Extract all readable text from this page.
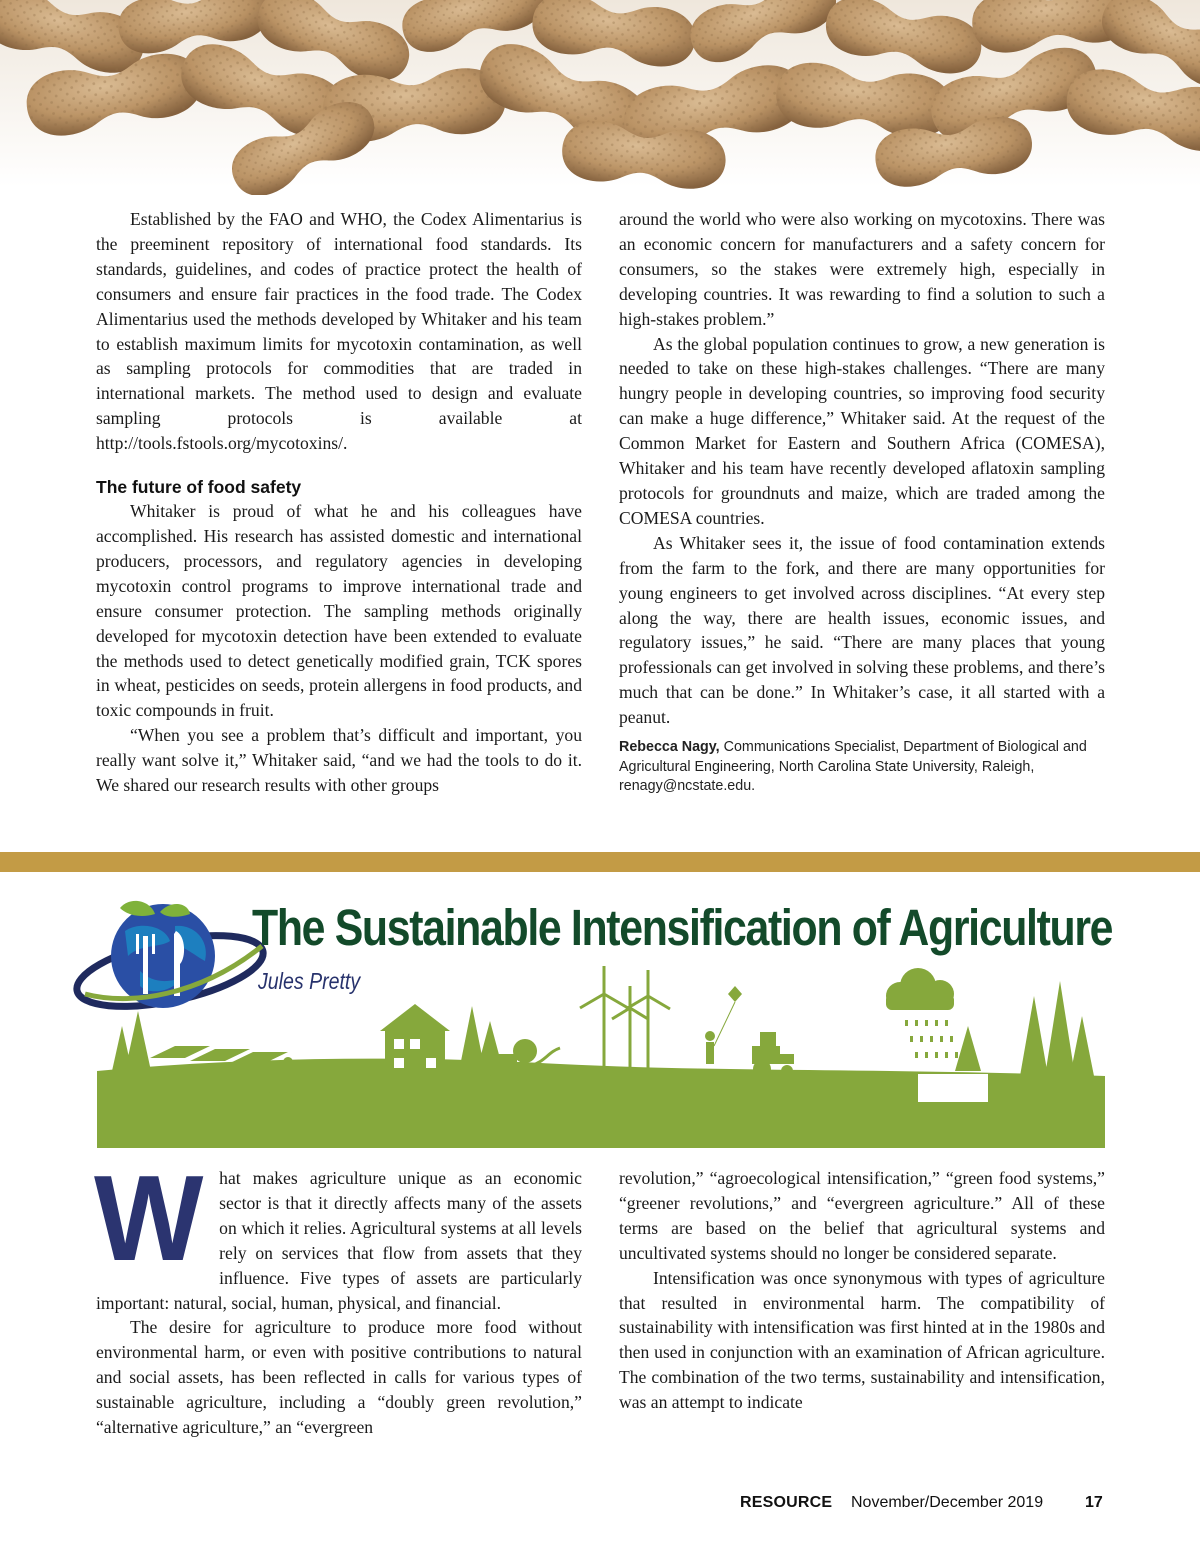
Established by the FAO and WHO, the Codex Alimentarius is the preeminent repository of international food standards. Its standards, guidelines, and codes of practice protect the health of consumers and ensure fair practices in the food trade. The Codex Alimentarius used the methods developed by Whitaker and his team to establish maximum limits for mycotoxin contamination, as well as sampling protocols for commodities that are traded in international markets. The method used to design and evaluate sampling protocols is available at http://tools.fstools.org/mycotoxins/.

The future of food safety

Whitaker is proud of what he and his colleagues have accomplished. His research has assisted domestic and international producers, processors, and regulatory agencies in developing mycotoxin control programs to improve international trade and ensure consumer protection. The sampling methods originally developed for mycotoxin detection have been extended to evaluate the methods used to detect genetically modified grain, TCK spores in wheat, pesticides on seeds, protein allergens in food products, and toxic compounds in fruit.

“When you see a problem that’s difficult and important, you really want solve it,” Whitaker said, “and we had the tools to do it. We shared our research results with other groups

around the world who were also working on mycotoxins. There was an economic concern for manufacturers and a safety concern for consumers, so the stakes were extremely high, especially in developing countries. It was rewarding to find a solution to such a high-stakes problem.”

As the global population continues to grow, a new generation is needed to take on these high-stakes challenges. “There are many hungry people in developing countries, so improving food security can make a huge difference,” Whitaker said. At the request of the Common Market for Eastern and Southern Africa (COMESA), Whitaker and his team have recently developed aflatoxin sampling protocols for groundnuts and maize, which are traded among the COMESA countries.

As Whitaker sees it, the issue of food contamination extends from the farm to the fork, and there are many opportunities for young engineers to get involved across disciplines. “At every step along the way, there are health issues, economic issues, and regulatory issues,” he said. “There are many places that young professionals can get involved in solving these problems, and there’s much that can be done.” In Whitaker’s case, it all started with a peanut.

Rebecca Nagy, Communications Specialist, Department of Biological and Agricultural Engineering, North Carolina State University, Raleigh, renagy@ncstate.edu.
The Sustainable Intensification of Agriculture
Jules Pretty

What makes agriculture unique as an economic sector is that it directly affects many of the assets on which it relies. Agricultural systems at all levels rely on services that flow from assets that they influence. Five types of assets are particularly important: natural, social, human, physical, and financial.

The desire for agriculture to produce more food without environmental harm, or even with positive contributions to natural and social assets, has been reflected in calls for various types of sustainable agriculture, including a “doubly green revolution,” “alternative agriculture,” an “evergreen

revolution,” “agroecological intensification,” “green food systems,” “greener revolutions,” and “evergreen agriculture.” All of these terms are based on the belief that agricultural systems and uncultivated systems should no longer be considered separate.

Intensification was once synonymous with types of agriculture that resulted in environmental harm. The compatibility of sustainability with intensification was first hinted at in the 1980s and then used in conjunction with an examination of African agriculture. The combination of the two terms, sustainability and intensification, was an attempt to indicate

RESOURCE November/December 2019	17
